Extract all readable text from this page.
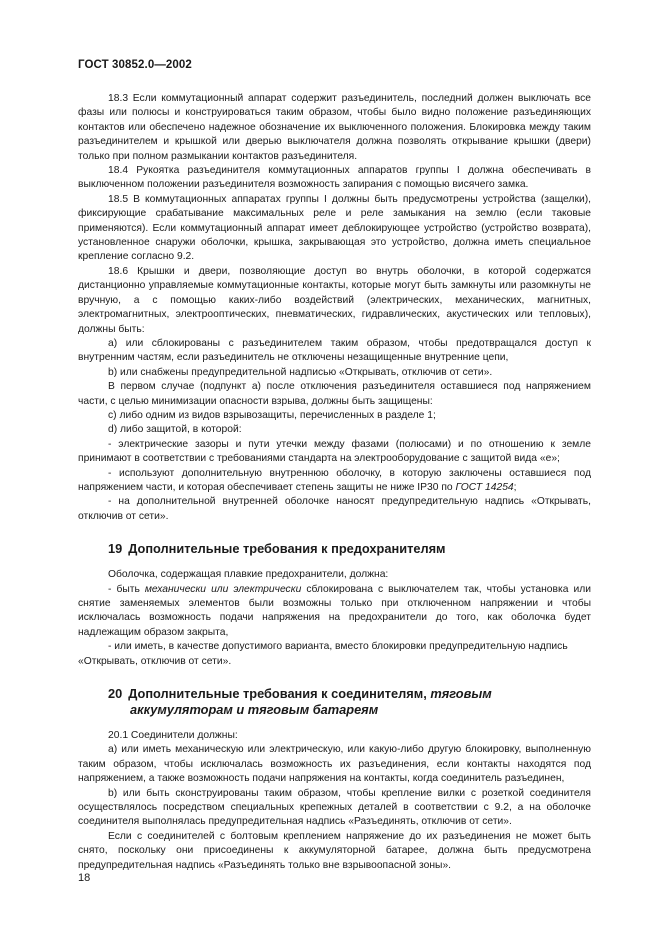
ГОСТ 30852.0—2002

18.3 Если коммутационный аппарат содержит разъединитель, последний должен выключать все фазы или полюсы и конструироваться таким образом, чтобы было видно положение разъединяющих контактов или обеспечено надежное обозначение их выключенного положения. Блокировка между таким разъединителем и крышкой или дверью выключателя должна позволять открывание крышки (двери) только при полном размыкании контактов разъединителя.

18.4 Рукоятка разъединителя коммутационных аппаратов группы I должна обеспечивать в выключенном положении разъединителя возможность запирания с помощью висячего замка.

18.5 В коммутационных аппаратах группы I должны быть предусмотрены устройства (защелки), фиксирующие срабатывание максимальных реле и реле замыкания на землю (если таковые применяются). Если коммутационный аппарат имеет деблокирующее устройство (устройство возврата), установленное снаружи оболочки, крышка, закрывающая это устройство, должна иметь специальное крепление согласно 9.2.

18.6 Крышки и двери, позволяющие доступ во внутрь оболочки, в которой содержатся дистанционно управляемые коммутационные контакты, которые могут быть замкнуты или разомкнуты не вручную, а с помощью каких-либо воздействий (электрических, механических, магнитных, электромагнитных, электрооптических, пневматических, гидравлических, акустических или тепловых), должны быть:

а) или сблокированы с разъединителем таким образом, чтобы предотвращался доступ к внутренним частям, если разъединитель не отключены незащищенные внутренние цепи,

b) или снабжены предупредительной надписью «Открывать, отключив от сети».

В первом случае (подпункт а) после отключения разъединителя оставшиеся под напряжением части, с целью минимизации опасности взрыва, должны быть защищены:

с) либо одним из видов взрывозащиты, перечисленных в разделе 1;

d) либо защитой, в которой:

- электрические зазоры и пути утечки между фазами (полюсами) и по отношению к земле принимают в соответствии с требованиями стандарта на электрооборудование с защитой вида «е»;

- используют дополнительную внутреннюю оболочку, в которую заключены оставшиеся под напряжением части, и которая обеспечивает степень защиты не ниже IP30 по ГОСТ 14254;

- на дополнительной внутренней оболочке наносят предупредительную надпись «Открывать, отключив от сети».

19 Дополнительные требования к предохранителям

Оболочка, содержащая плавкие предохранители, должна:

- быть механически или электрически сблокирована с выключателем так, чтобы установка или снятие заменяемых элементов были возможны только при отключенном напряжении и чтобы исключалась возможность подачи напряжения на предохранители до того, как оболочка будет надлежащим образом закрыта,

- или иметь, в качестве допустимого варианта, вместо блокировки предупредительную надпись

«Открывать, отключив от сети».

20 Дополнительные требования к соединителям, тяговым
аккумуляторам и тяговым батареям

20.1 Соединители должны:

а) или иметь механическую или электрическую, или какую-либо другую блокировку, выполненную таким образом, чтобы исключалась возможность их разъединения, если контакты находятся под напряжением, а также возможность подачи напряжения на контакты, когда соединитель разъединен,

b) или быть сконструированы таким образом, чтобы крепление вилки с розеткой соединителя осуществлялось посредством специальных крепежных деталей в соответствии с 9.2, а на оболочке соединителя выполнялась предупредительная надпись «Разъединять, отключив от сети».

Если с соединителей с болтовым креплением напряжение до их разъединения не может быть снято, поскольку они присоединены к аккумуляторной батарее, должна быть предусмотрена предупредительная надпись «Разъединять только вне взрывоопасной зоны».

18
